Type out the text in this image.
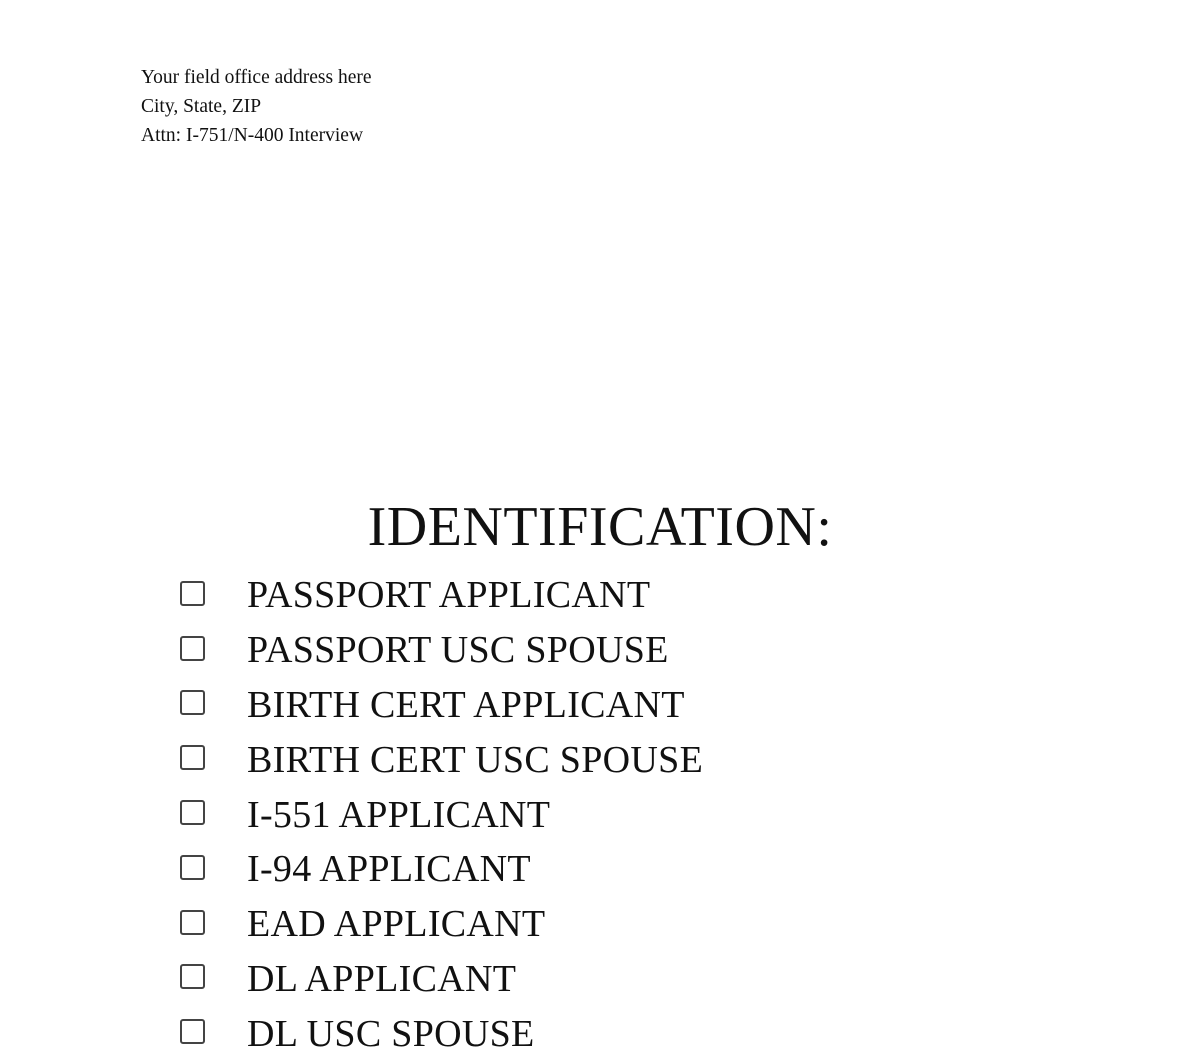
Your field office address here
City, State, ZIP
Attn: I-751/N-400 Interview
IDENTIFICATION:
PASSPORT APPLICANT
PASSPORT USC SPOUSE
BIRTH CERT APPLICANT
BIRTH CERT USC SPOUSE
I-551 APPLICANT
I-94 APPLICANT
EAD APPLICANT
DL APPLICANT
DL USC SPOUSE
